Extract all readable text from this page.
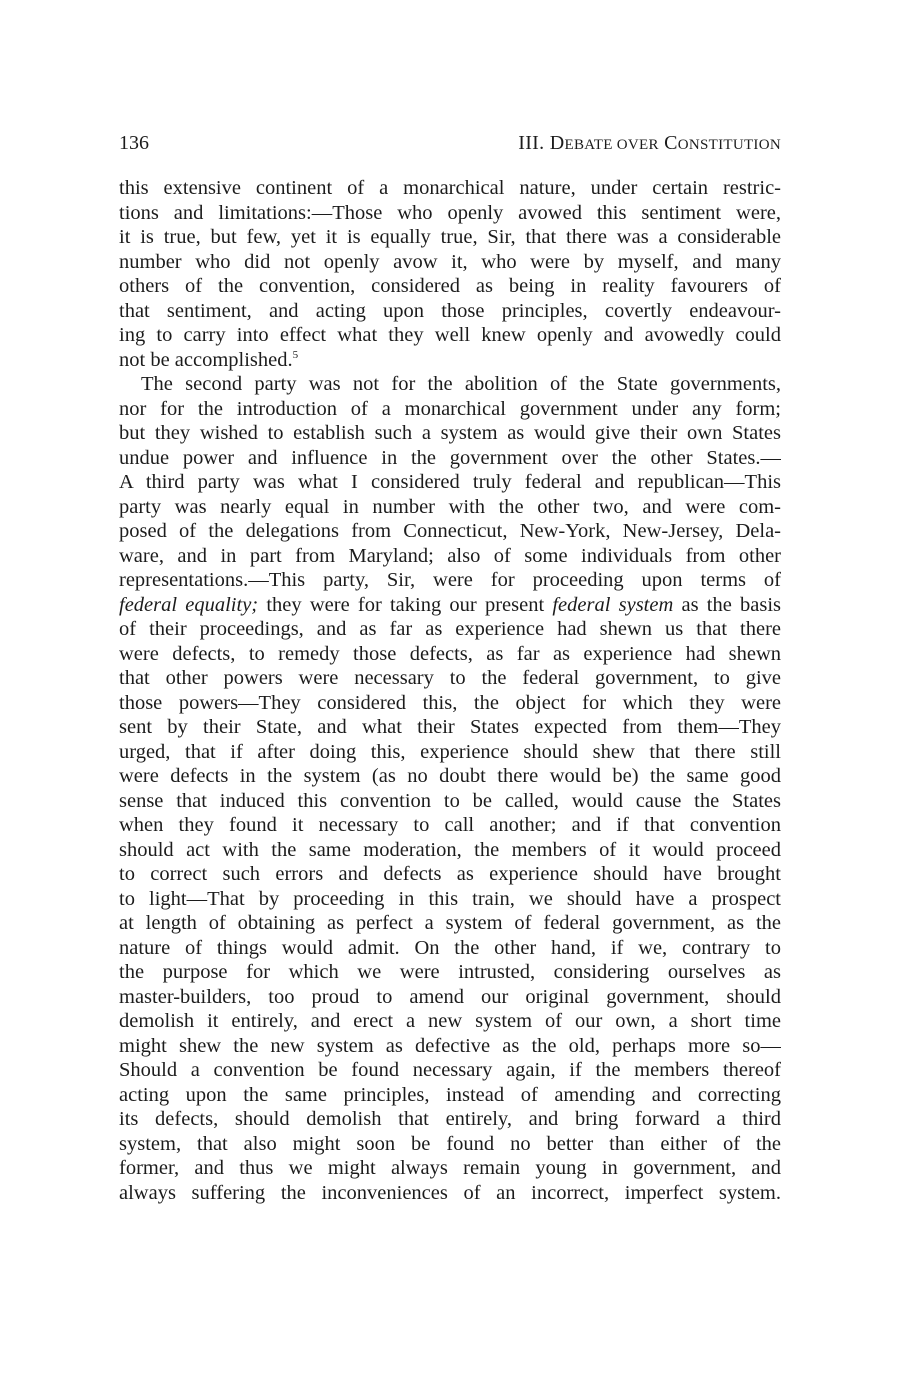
136	III. DEBATE OVER CONSTITUTION
this extensive continent of a monarchical nature, under certain restric-
tions and limitations:—Those who openly avowed this sentiment were,
it is true, but few, yet it is equally true, Sir, that there was a considerable
number who did not openly avow it, who were by myself, and many
others of the convention, considered as being in reality favourers of
that sentiment, and acting upon those principles, covertly endeavour-
ing to carry into effect what they well knew openly and avowedly could
not be accomplished.$^5$
The second party was not for the abolition of the State governments,
nor for the introduction of a monarchical government under any form;
but they wished to establish such a system as would give their own States
undue power and influence in the government over the other States.—
A third party was what I considered truly federal and republican—This
party was nearly equal in number with the other two, and were com-
posed of the delegations from Connecticut, New-York, New-Jersey, Dela-
ware, and in part from Maryland; also of some individuals from other
representations.—This party, Sir, were for proceeding upon terms of
federal equality; they were for taking our present federal system as the basis
of their proceedings, and as far as experience had shewn us that there
were defects, to remedy those defects, as far as experience had shewn
that other powers were necessary to the federal government, to give
those powers—They considered this, the object for which they were
sent by their State, and what their States expected from them—They
urged, that if after doing this, experience should shew that there still
were defects in the system (as no doubt there would be) the same good
sense that induced this convention to be called, would cause the States
when they found it necessary to call another; and if that convention
should act with the same moderation, the members of it would proceed
to correct such errors and defects as experience should have brought
to light—That by proceeding in this train, we should have a prospect
at length of obtaining as perfect a system of federal government, as the
nature of things would admit. On the other hand, if we, contrary to
the purpose for which we were intrusted, considering ourselves as
master-builders, too proud to amend our original government, should
demolish it entirely, and erect a new system of our own, a short time
might shew the new system as defective as the old, perhaps more so—
Should a convention be found necessary again, if the members thereof
acting upon the same principles, instead of amending and correcting
its defects, should demolish that entirely, and bring forward a third
system, that also might soon be found no better than either of the
former, and thus we might always remain young in government, and
always suffering the inconveniences of an incorrect, imperfect system.
